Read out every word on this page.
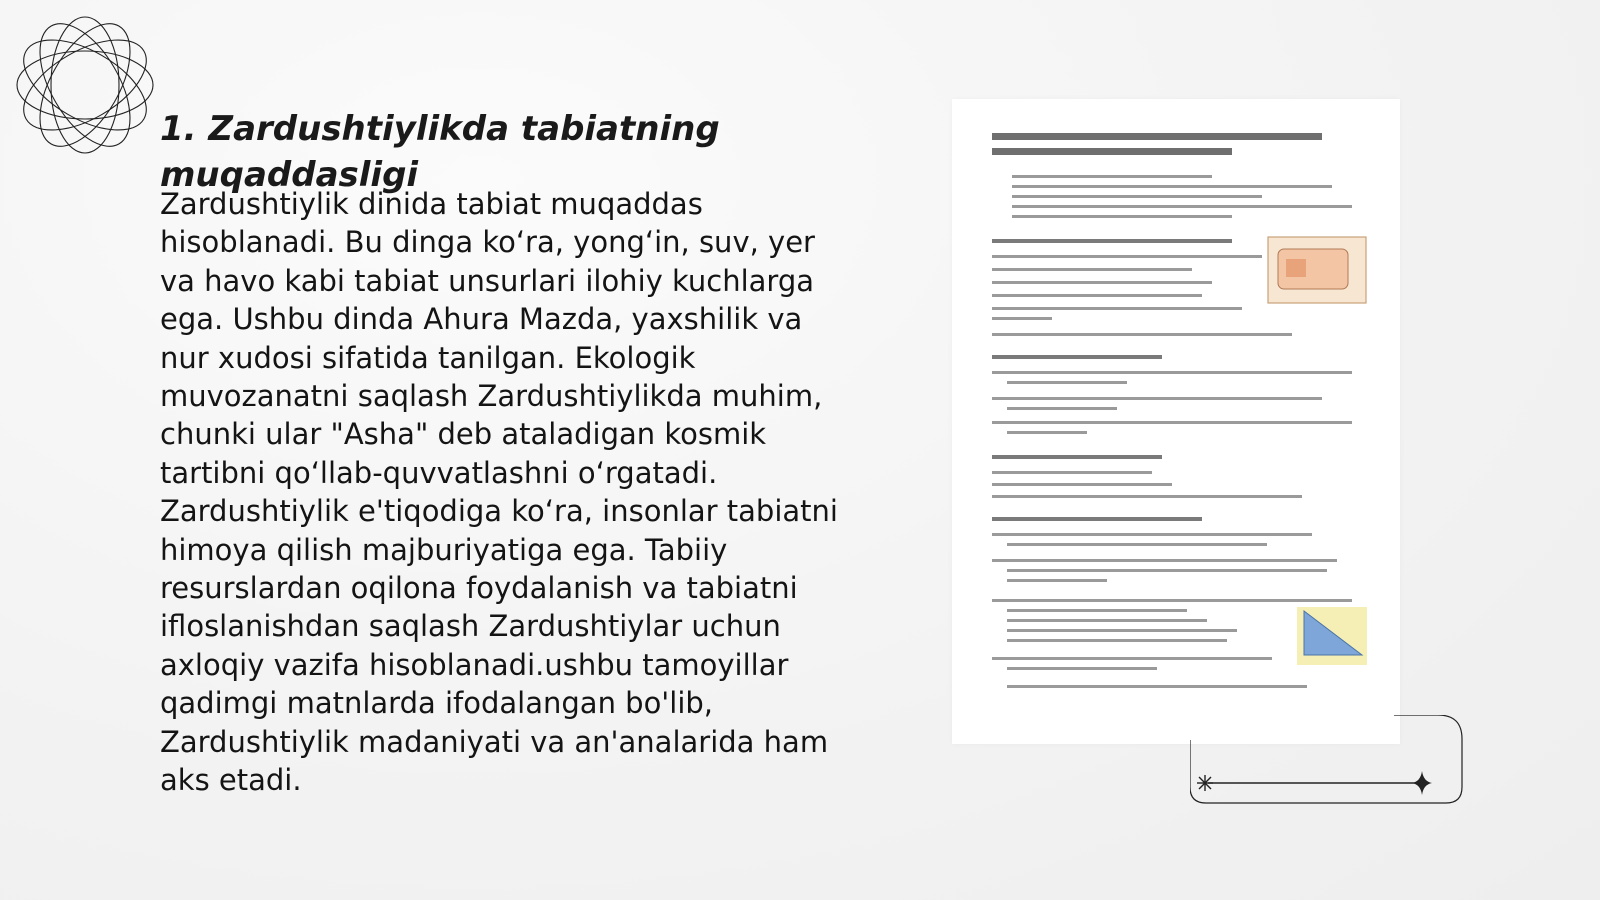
1. Zardushtiylikda tabiatning muqaddasligi

Zardushtiylik dinida tabiat muqaddas hisoblanadi. Bu dinga ko‘ra, yong‘in, suv, yer va havo kabi tabiat unsurlari ilohiy kuchlarga ega. Ushbu dinda Ahura Mazda, yaxshilik va nur xudosi sifatida tanilgan. Ekologik muvozanatni saqlash Zardushtiylikda muhim, chunki ular "Asha" deb ataladigan kosmik tartibni qo‘llab-quvvatlashni o‘rgatadi. Zardushtiylik e'tiqodiga ko‘ra, insonlar tabiatni himoya qilish majburiyatiga ega. Tabiiy resurslardan oqilona foydalanish va tabiatni ifloslanishdan saqlash Zardushtiylar uchun axloqiy vazifa hisoblanadi.ushbu tamoyillar qadimgi matnlarda ifodalangan bo'lib, Zardushtiylik madaniyati va an'analarida ham aks etadi.
